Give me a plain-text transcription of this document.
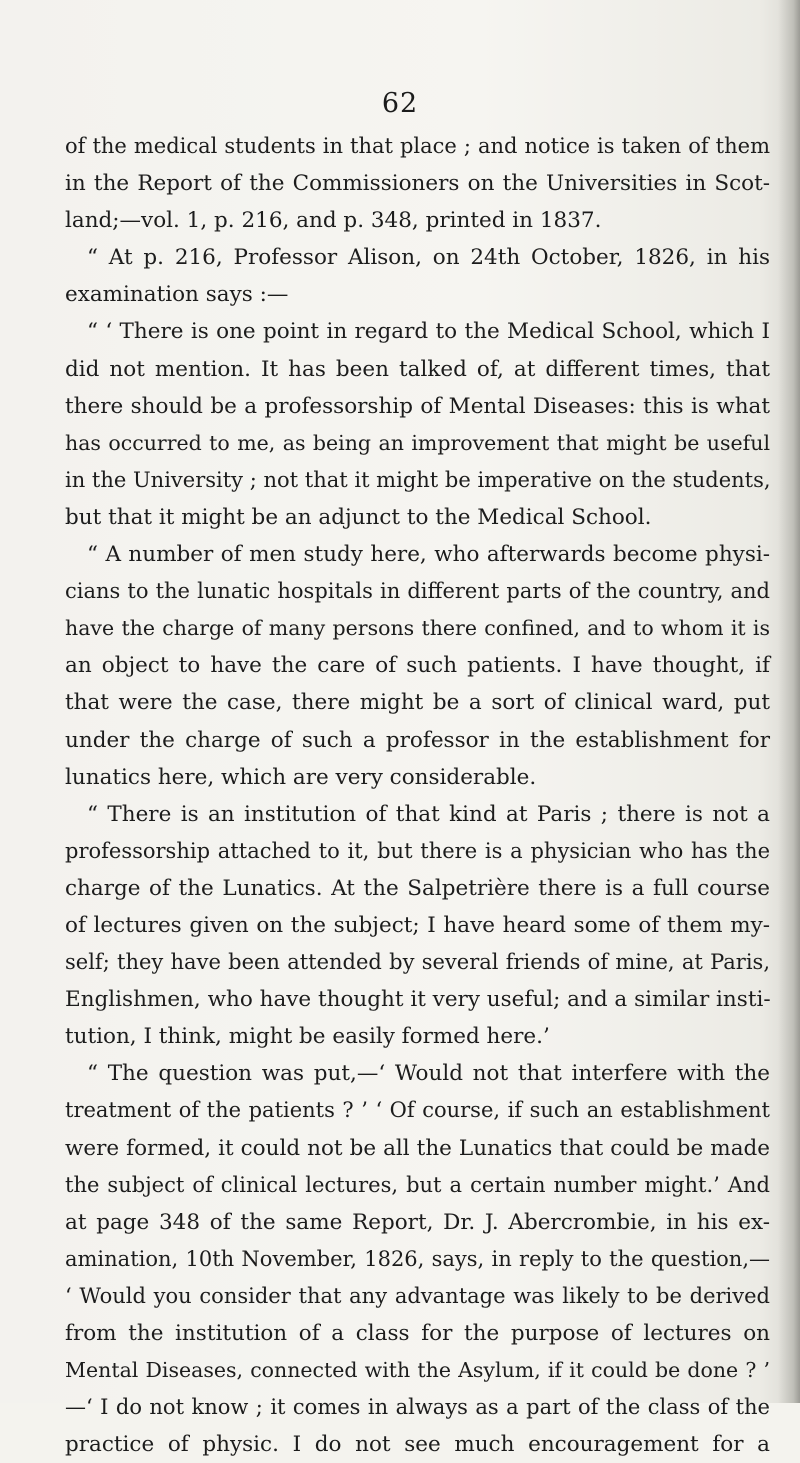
62
of the medical students in that place ; and notice is taken of them
in the Report of the Commissioners on the Universities in Scot-
land;—vol. 1, p. 216, and p. 348, printed in 1837.
“ At p. 216, Professor Alison, on 24th October, 1826, in his
examination says :—
“ ‘ There is one point in regard to the Medical School, which I
did not mention. It has been talked of, at different times, that
there should be a professorship of Mental Diseases: this is what
has occurred to me, as being an improvement that might be useful
in the University ; not that it might be imperative on the students,
but that it might be an adjunct to the Medical School.
“ A number of men study here, who afterwards become physi-
cians to the lunatic hospitals in different parts of the country, and
have the charge of many persons there confined, and to whom it is
an object to have the care of such patients. I have thought, if
that were the case, there might be a sort of clinical ward, put
under the charge of such a professor in the establishment for
lunatics here, which are very considerable.
“ There is an institution of that kind at Paris ; there is not a
professorship attached to it, but there is a physician who has the
charge of the Lunatics. At the Salpetrière there is a full course
of lectures given on the subject; I have heard some of them my-
self; they have been attended by several friends of mine, at Paris,
Englishmen, who have thought it very useful; and a similar insti-
tution, I think, might be easily formed here.’
“ The question was put,—‘ Would not that interfere with the
treatment of the patients ? ’ ‘ Of course, if such an establishment
were formed, it could not be all the Lunatics that could be made
the subject of clinical lectures, but a certain number might.’ And
at page 348 of the same Report, Dr. J. Abercrombie, in his ex-
amination, 10th November, 1826, says, in reply to the question,—
‘ Would you consider that any advantage was likely to be derived
from the institution of a class for the purpose of lectures on
Mental Diseases, connected with the Asylum, if it could be done ? ’
—‘ I do not know ; it comes in always as a part of the class of the
practice of physic. I do not see much encouragement for a
